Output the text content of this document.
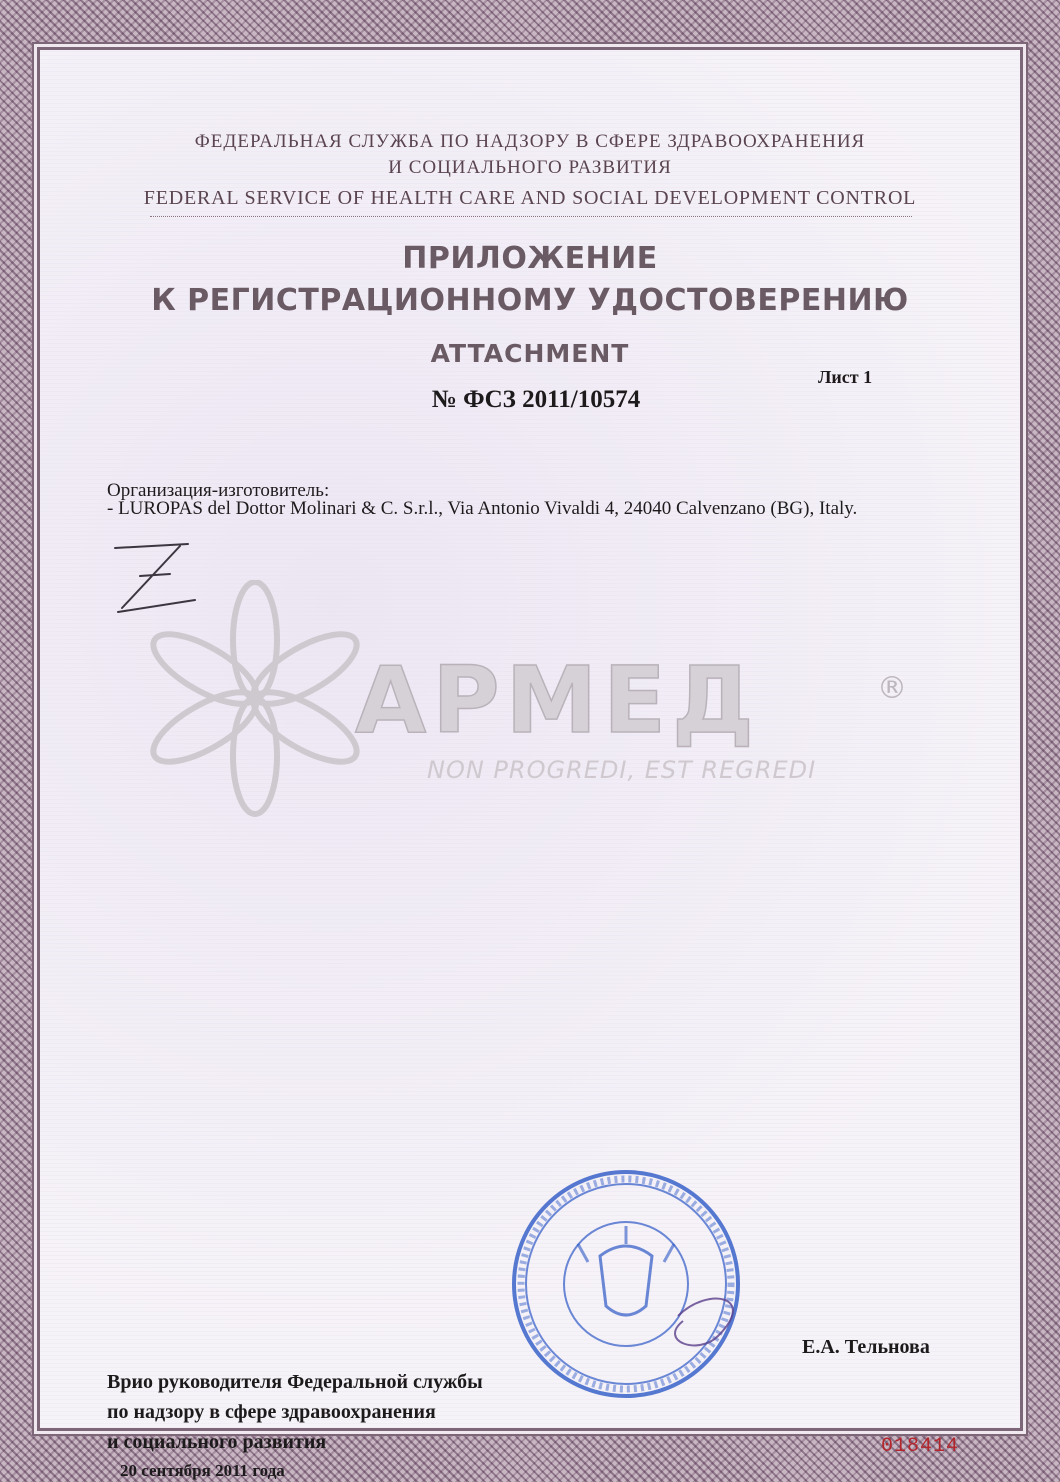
ФЕДЕРАЛЬНАЯ СЛУЖБА ПО НАДЗОРУ В СФЕРЕ ЗДРАВООХРАНЕНИЯ
И СОЦИАЛЬНОГО РАЗВИТИЯ
FEDERAL SERVICE OF HEALTH CARE AND SOCIAL DEVELOPMENT CONTROL
ПРИЛОЖЕНИЕ
К РЕГИСТРАЦИОННОМУ УДОСТОВЕРЕНИЮ
ATTACHMENT
№ ФСЗ 2011/10574
Лист 1
Организация-изготовитель:
- LUROPAS del Dottor Molinari & C. S.r.l., Via Antonio Vivaldi 4, 24040 Calvenzano (BG), Italy.
АРМЕД	®
NON PROGREDI, EST REGREDI
Врио руководителя Федеральной службы
по надзору в сфере здравоохранения
и социального развития
20 сентября 2011 года
Е.А. Тельнова
018414
